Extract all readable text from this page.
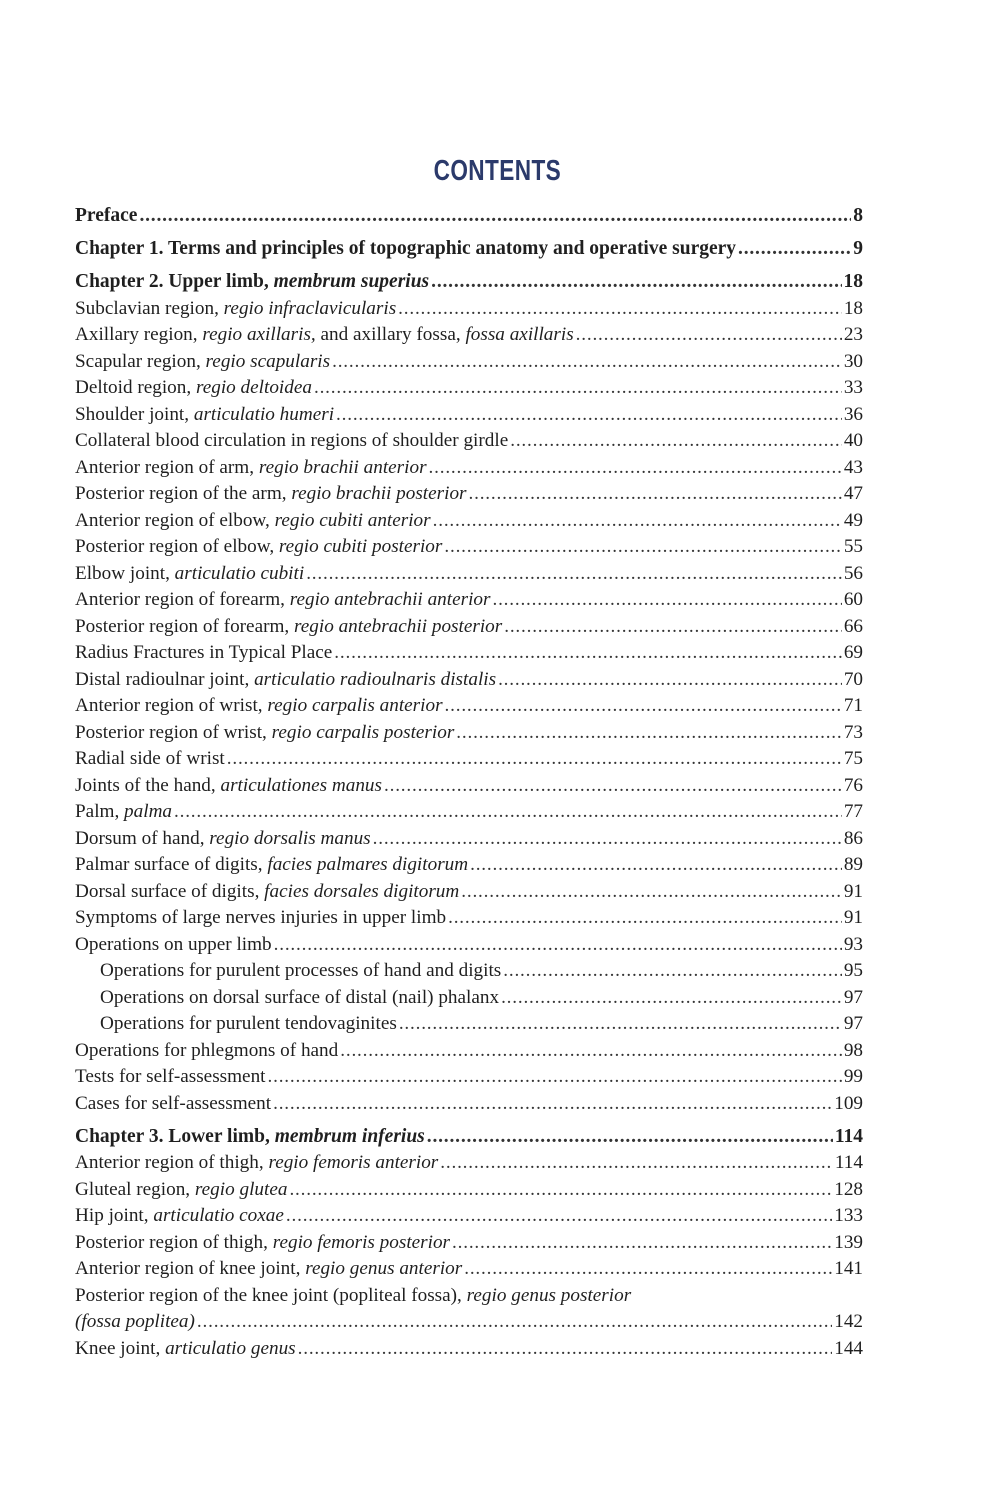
CONTENTS
Preface .....	8
Chapter 1. Terms and principles of topographic anatomy and operative surgery .....	9
Chapter 2. Upper limb, membrum superius .....	18
Subclavian region, regio infraclavicularis .....	18
Axillary region, regio axillaris, and axillary fossa, fossa axillaris .....	23
Scapular region, regio scapularis .....	30
Deltoid region, regio deltoidea .....	33
Shoulder joint, articulatio humeri .....	36
Collateral blood circulation in regions of shoulder girdle .....	40
Anterior region of arm, regio brachii anterior .....	43
Posterior region of the arm, regio brachii posterior .....	47
Anterior region of elbow, regio cubiti anterior .....	49
Posterior region of elbow, regio cubiti posterior .....	55
Elbow joint, articulatio cubiti .....	56
Anterior region of forearm, regio antebrachii anterior .....	60
Posterior region of forearm, regio antebrachii posterior .....	66
Radius Fractures in Typical Place .....	69
Distal radioulnar joint, articulatio radioulnaris distalis .....	70
Anterior region of wrist, regio carpalis anterior .....	71
Posterior region of wrist, regio carpalis posterior .....	73
Radial side of wrist .....	75
Joints of the hand, articulationes manus .....	76
Palm, palma .....	77
Dorsum of hand, regio dorsalis manus .....	86
Palmar surface of digits, facies palmares digitorum .....	89
Dorsal surface of digits, facies dorsales digitorum .....	91
Symptoms of large nerves injuries in upper limb .....	91
Operations on upper limb .....	93
Operations for purulent processes of hand and digits .....	95
Operations on dorsal surface of distal (nail) phalanx .....	97
Operations for purulent tendovaginites .....	97
Operations for phlegmons of hand .....	98
Tests for self-assessment .....	99
Cases for self-assessment .....	109
Chapter 3. Lower limb, membrum inferius .....	114
Anterior region of thigh, regio femoris anterior .....	114
Gluteal region, regio glutea .....	128
Hip joint, articulatio coxae .....	133
Posterior region of thigh, regio femoris posterior .....	139
Anterior region of knee joint, regio genus anterior .....	141
Posterior region of the knee joint (popliteal fossa), regio genus posterior
(fossa poplitea) .....	142
Knee joint, articulatio genus .....	144
